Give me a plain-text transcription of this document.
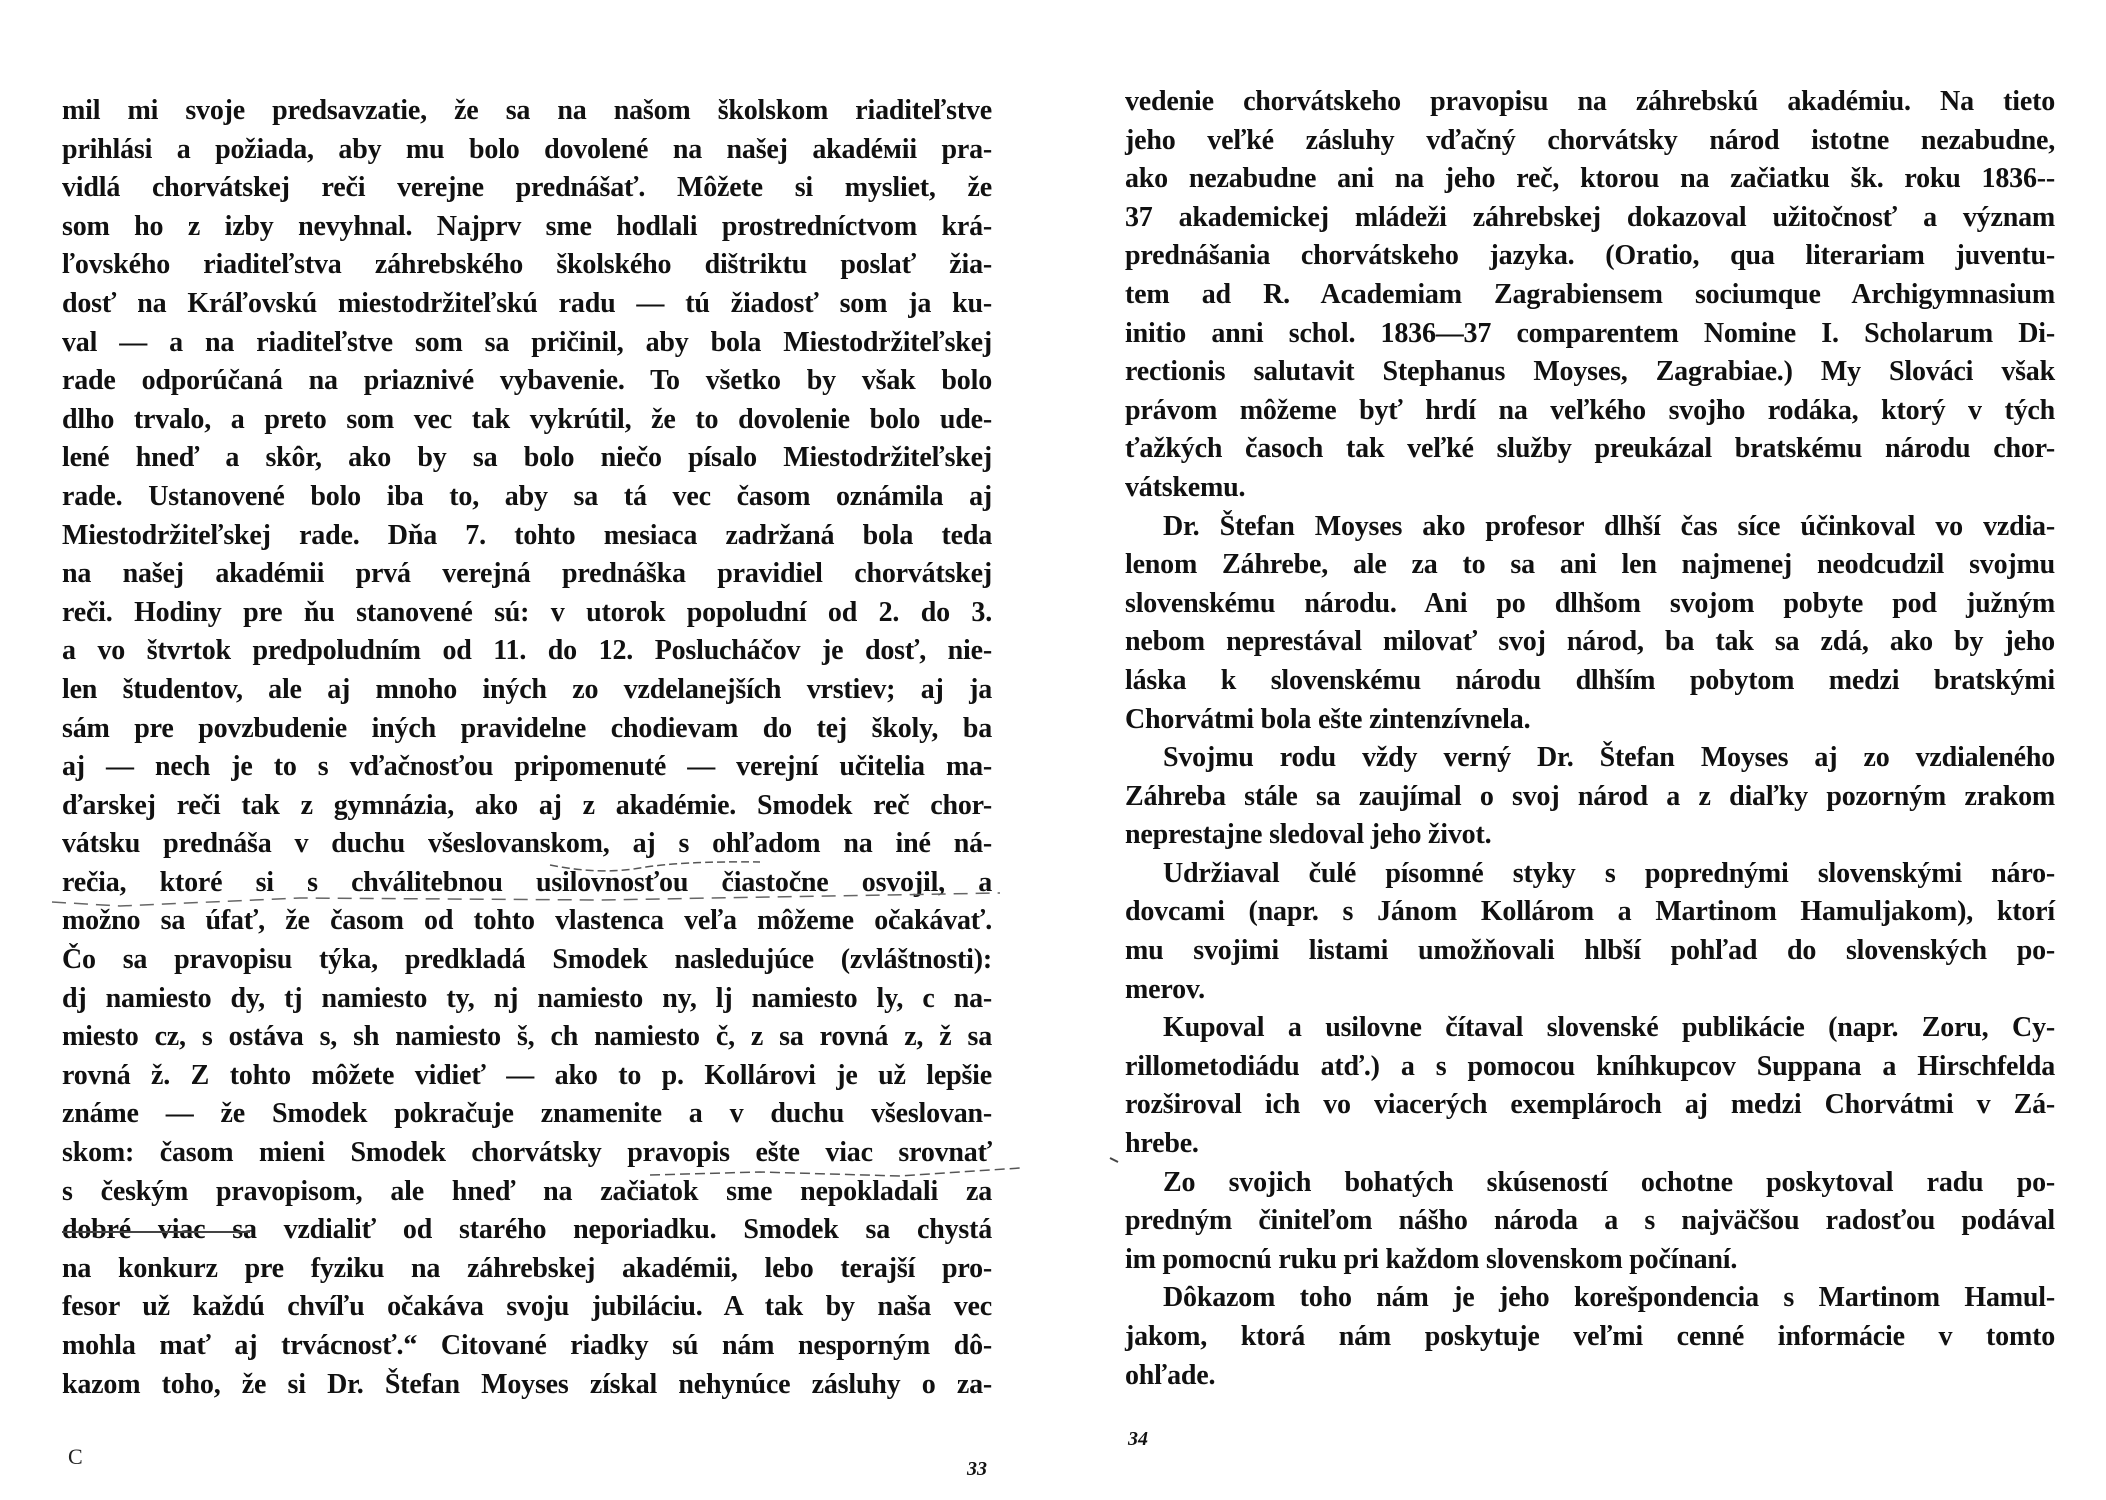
mil mi svoje predsavzatie, že sa na našom školskom riaditeľstve
prihlási a požiada, aby mu bolo dovolené na našej akadéмii pra-
vidlá chorvátskej reči verejne prednášať. Môžete si mysliet, že
som ho z izby nevyhnal. Najprv sme hodlali prostredníctvom krá-
ľovského riaditeľstva záhrebského školského dištriktu poslať žia-
dosť na Kráľovskú miestodržiteľskú radu — tú žiadosť som ja ku-
val — a na riaditeľstve som sa pričinil, aby bola Miestodržiteľskej
rade odporúčaná na priaznivé vybavenie. To všetko by však bolo
dlho trvalo, a preto som vec tak vykrútil, že to dovolenie bolo ude-
lené hneď a skôr, ako by sa bolo niečo písalo Miestodržiteľskej
rade. Ustanovené bolo iba to, aby sa tá vec časom oznámila aj
Miestodržiteľskej rade. Dňa 7. tohto mesiaca zadržaná bola teda
na našej akadémii prvá verejná prednáška pravidiel chorvátskej
reči. Hodiny pre ňu stanovené sú: v utorok popoludní od 2. do 3.
a vo štvrtok predpoludním od 11. do 12. Poslucháčov je dosť, nie-
len študentov, ale aj mnoho iných zo vzdelanejších vrstiev; aj ja
sám pre povzbudenie iných pravidelne chodievam do tej školy, ba
aj — nech je to s vďačnosťou pripomenuté — verejní učitelia ma-
ďarskej reči tak z gymnázia, ako aj z akadémie. Smodek reč chor-
vátsku prednáša v duchu všeslovanskom, aj s ohľadom na iné ná-
rečia, ktoré si s chválitebnou usilovnosťou čiastočne osvojil, a
možno sa úfať, že časom od tohto vlastenca veľa môžeme očakávať.
Čo sa pravopisu týka, predkladá Smodek nasledujúce (zvláštnosti):
dj namiesto dy, tj namiesto ty, nj namiesto ny, lj namiesto ly, c na-
miesto cz, s ostáva s, sh namiesto š, ch namiesto č, z sa rovná z, ž sa
rovná ž. Z tohto môžete vidieť — ako to p. Kollárovi je už lepšie
známe — že Smodek pokračuje znamenite a v duchu všeslovan-
skom: časom mieni Smodek chorvátsky pravopis ešte viac srovnať
s českým pravopisom, ale hneď na začiatok sme nepokladali za
dobré viac sa vzdialiť od starého neporiadku. Smodek sa chystá
na konkurz pre fyziku na záhrebskej akadémii, lebo terajší pro-
fesor už každú chvíľu očakáva svoju jubiláciu. A tak by naša vec
mohla mať aj trvácnosť.“ Citované riadky sú nám nesporným dô-
kazom toho, že si Dr. Štefan Moyses získal nehynúce zásluhy o za-
C	33
vedenie chorvátskeho pravopisu na záhrebskú akadémiu. Na tieto
jeho veľké zásluhy vďačný chorvátsky národ istotne nezabudne,
ako nezabudne ani na jeho reč, ktorou na začiatku šk. roku 1836--
37 akademickej mládeži záhrebskej dokazoval užitočnosť a význam
prednášania chorvátskeho jazyka. (Oratio, qua literariam juventu-
tem ad R. Academiam Zagrabiensem sociumque Archigymnasium
initio anni schol. 1836—37 comparentem Nomine I. Scholarum Di-
rectionis salutavit Stephanus Moyses, Zagrabiae.) My Slováci však
právom môžeme byť hrdí na veľkého svojho rodáka, ktorý v tých
ťažkých časoch tak veľké služby preukázal bratskému národu chor-
vátskemu.
Dr. Štefan Moyses ako profesor dlhší čas síce účinkoval vo vzdia-
lenom Záhrebe, ale za to sa ani len najmenej neodcudzil svojmu
slovenskému národu. Ani po dlhšom svojom pobyte pod južným
nebom neprestával milovať svoj národ, ba tak sa zdá, ako by jeho
láska k slovenskému národu dlhším pobytom medzi bratskými
Chorvátmi bola ešte zintenzívnela.
Svojmu rodu vždy verný Dr. Štefan Moyses aj zo vzdialeného
Záhreba stále sa zaujímal o svoj národ a z diaľky pozorným zrakom
neprestajne sledoval jeho život.
Udržiaval čulé písomné styky s poprednými slovenskými náro-
dovcami (napr. s Jánom Kollárom a Martinom Hamuljakom), ktorí
mu svojimi listami umožňovali hlbší pohľad do slovenských po-
merov.
Kupoval a usilovne čítaval slovenské publikácie (napr. Zoru, Cy-
rillometodiádu atď.) a s pomocou kníhkupcov Suppana a Hirschfelda
rozširoval ich vo viacerých exemplároch aj medzi Chorvátmi v Zá-
hrebe.
Zo svojich bohatých skúseností ochotne poskytoval radu po-
predným činiteľom nášho národa a s najväčšou radosťou podával
im pomocnú ruku pri každom slovenskom počínaní.
Dôkazom toho nám je jeho korešpondencia s Martinom Hamul-
jakom, ktorá nám poskytuje veľmi cenné informácie v tomto
ohľade.
34
